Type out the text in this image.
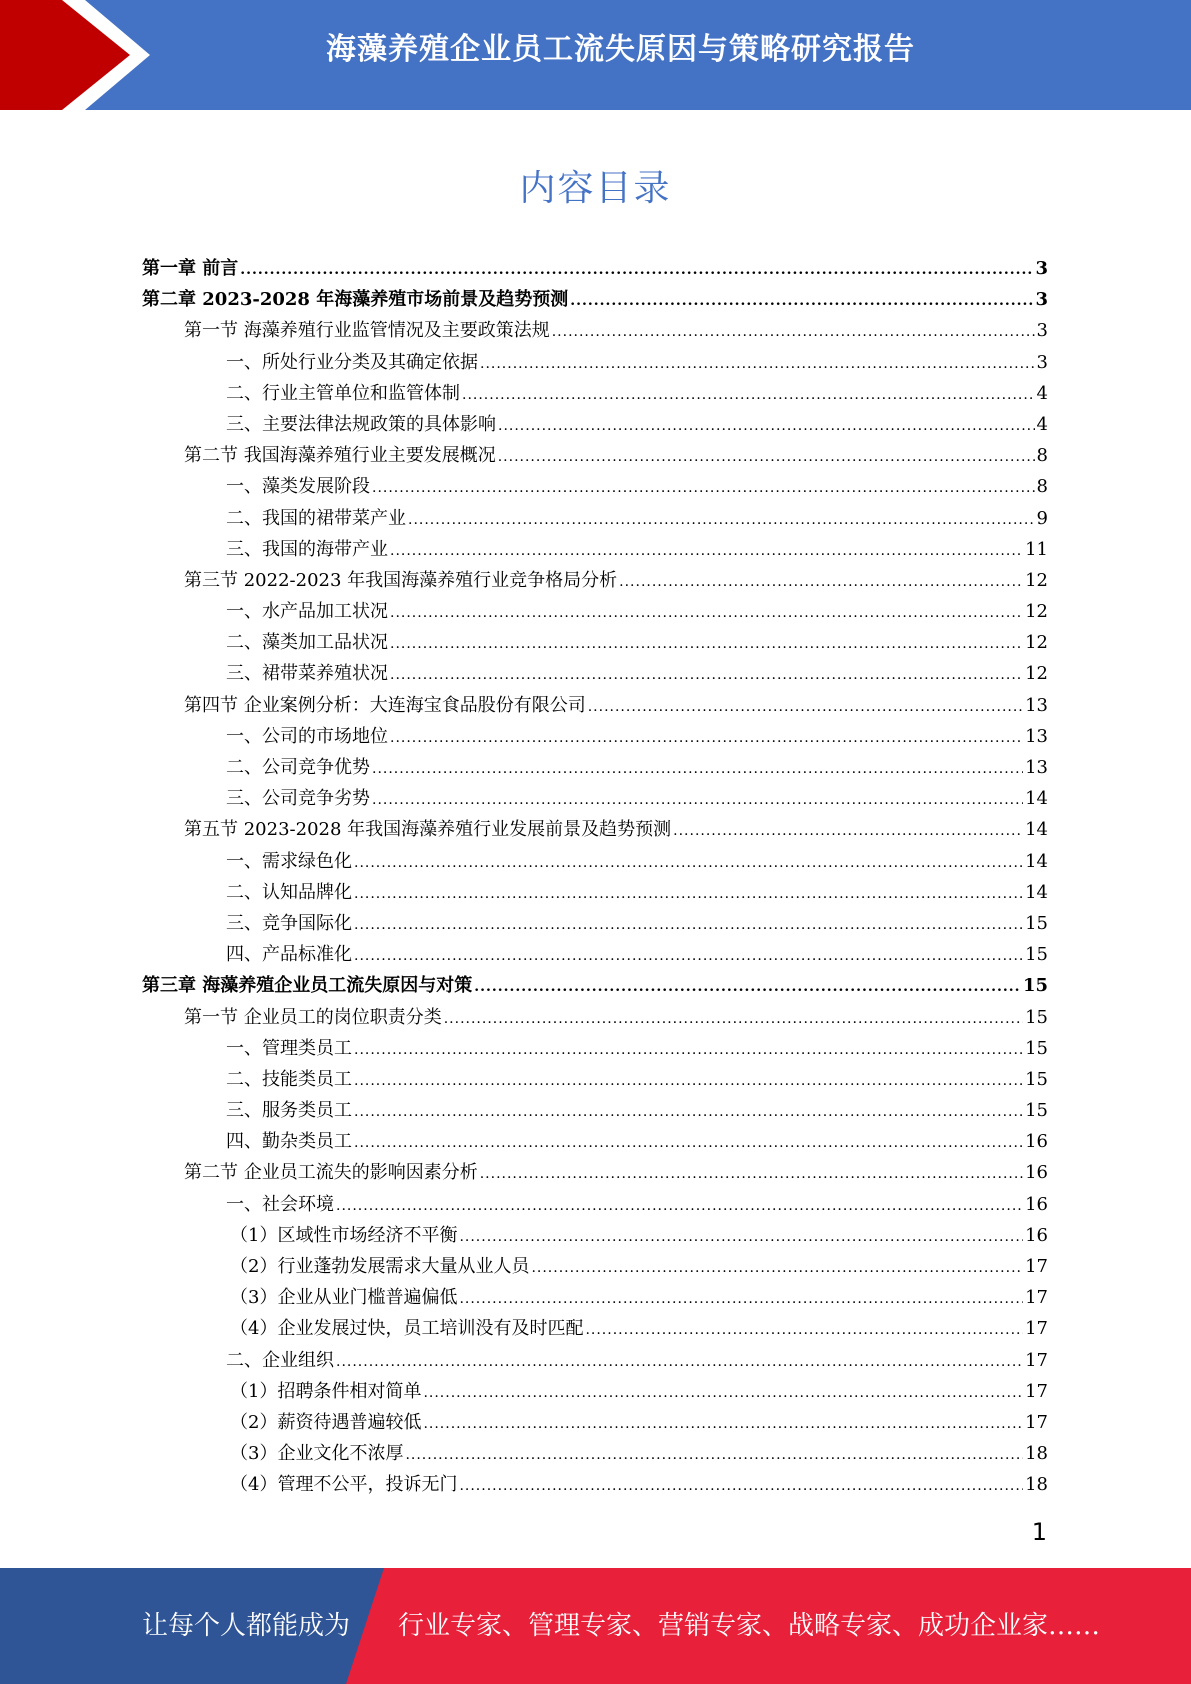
海藻养殖企业员工流失原因与策略研究报告
内容目录
第一章 前言 .....	3
第二章 2023-2028 年海藻养殖市场前景及趋势预测 .....	3
第一节 海藻养殖行业监管情况及主要政策法规 .....	3
一、所处行业分类及其确定依据 .....	3
二、行业主管单位和监管体制 .....	4
三、主要法律法规政策的具体影响 .....	4
第二节 我国海藻养殖行业主要发展概况 .....	8
一、藻类发展阶段 .....	8
二、我国的裙带菜产业 .....	9
三、我国的海带产业 .....	11
第三节 2022-2023 年我国海藻养殖行业竞争格局分析 .....	12
一、水产品加工状况 .....	12
二、藻类加工品状况 .....	12
三、裙带菜养殖状况 .....	12
第四节 企业案例分析：大连海宝食品股份有限公司 .....	13
一、公司的市场地位 .....	13
二、公司竞争优势 .....	13
三、公司竞争劣势 .....	14
第五节 2023-2028 年我国海藻养殖行业发展前景及趋势预测 .....	14
一、需求绿色化 .....	14
二、认知品牌化 .....	14
三、竞争国际化 .....	15
四、产品标准化 .....	15
第三章 海藻养殖企业员工流失原因与对策 .....	15
第一节 企业员工的岗位职责分类 .....	15
一、管理类员工 .....	15
二、技能类员工 .....	15
三、服务类员工 .....	15
四、勤杂类员工 .....	16
第二节 企业员工流失的影响因素分析 .....	16
一、社会环境 .....	16
（1）区域性市场经济不平衡 .....	16
（2）行业蓬勃发展需求大量从业人员 .....	17
（3）企业从业门槛普遍偏低 .....	17
（4）企业发展过快，员工培训没有及时匹配 .....	17
二、企业组织 .....	17
（1）招聘条件相对简单 .....	17
（2）薪资待遇普遍较低 .....	17
（3）企业文化不浓厚 .....	18
（4）管理不公平，投诉无门 .....	18
1
让每个人都能成为 行业专家、管理专家、营销专家、战略专家、成功企业家……
